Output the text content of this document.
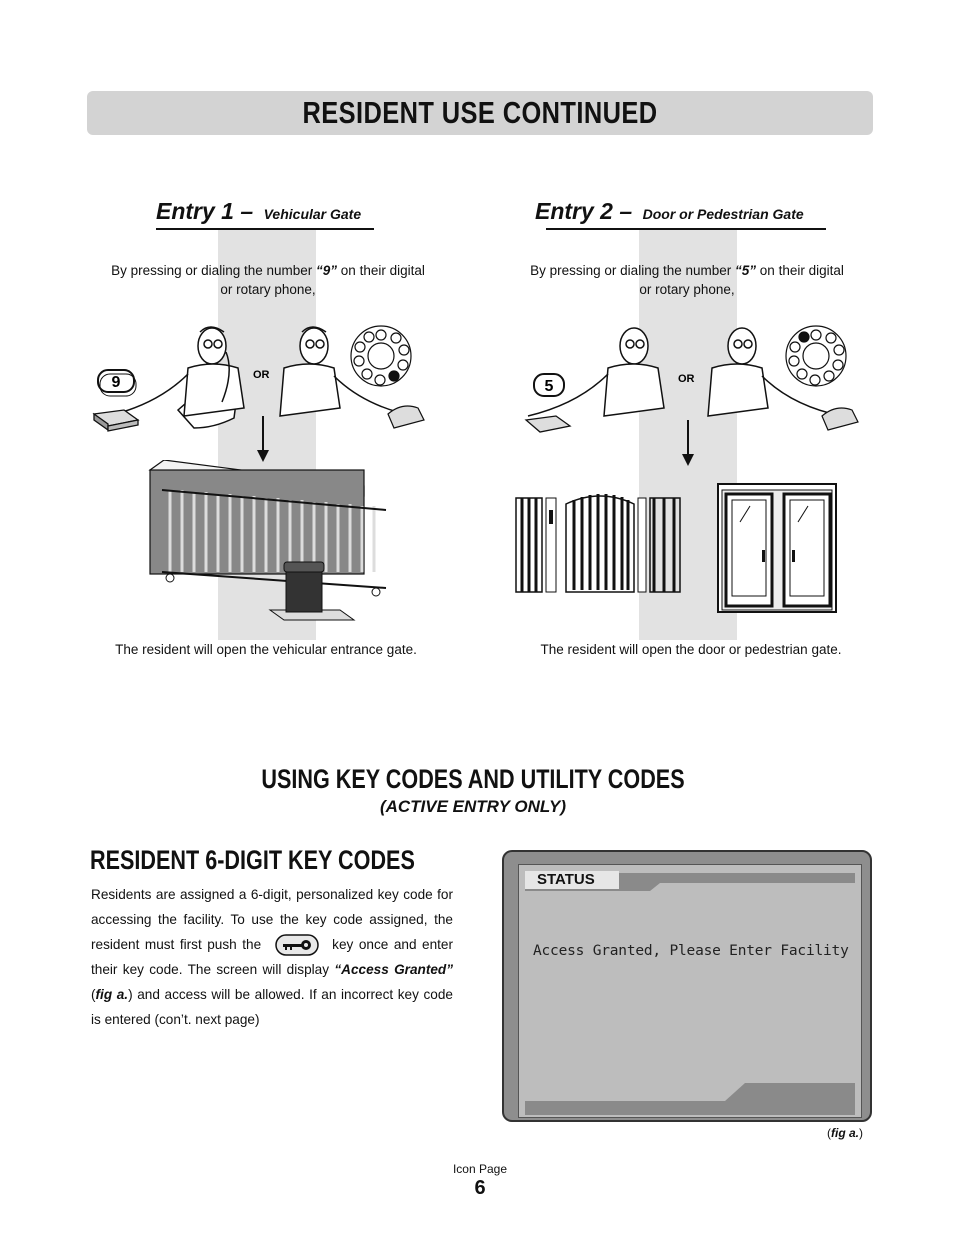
RESIDENT USE CONTINUED
Entry 1 – Vehicular Gate	Entry 2 – Door or Pedestrian Gate
By pressing or dialing the number “9” on their digital
or rotary phone,
By pressing or dialing the number “5” on their digital
or rotary phone,
9	OR
5	OR
The resident will open the vehicular entrance gate.	The resident will open the door or pedestrian gate.
USING KEY CODES AND UTILITY CODES
(ACTIVE ENTRY ONLY)
RESIDENT 6-DIGIT KEY CODES
Residents are assigned a 6-digit, personalized key code for accessing the facility. To use the key code assigned, the resident must first push the	key once and enter their key code. The screen will display “Access Granted” (fig a.) and access will be allowed. If an incorrect key code is entered (con’t. next page)
STATUS
Access Granted, Please Enter Facility
(fig a.)
Icon Page
6
